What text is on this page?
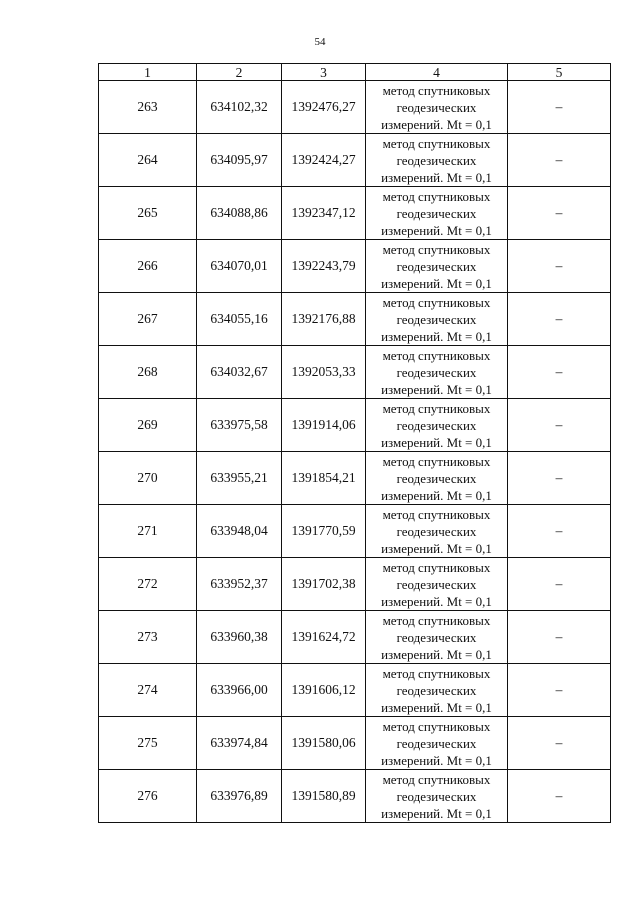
54
1	2	3	4	5
263	634102,32	1392476,27	метод спутниковых
геодезических
измерений. Mt = 0,1	–
264	634095,97	1392424,27	метод спутниковых
геодезических
измерений. Mt = 0,1	–
265	634088,86	1392347,12	метод спутниковых
геодезических
измерений. Mt = 0,1	–
266	634070,01	1392243,79	метод спутниковых
геодезических
измерений. Mt = 0,1	–
267	634055,16	1392176,88	метод спутниковых
геодезических
измерений. Mt = 0,1	–
268	634032,67	1392053,33	метод спутниковых
геодезических
измерений. Mt = 0,1	–
269	633975,58	1391914,06	метод спутниковых
геодезических
измерений. Mt = 0,1	–
270	633955,21	1391854,21	метод спутниковых
геодезических
измерений. Mt = 0,1	–
271	633948,04	1391770,59	метод спутниковых
геодезических
измерений. Mt = 0,1	–
272	633952,37	1391702,38	метод спутниковых
геодезических
измерений. Mt = 0,1	–
273	633960,38	1391624,72	метод спутниковых
геодезических
измерений. Mt = 0,1	–
274	633966,00	1391606,12	метод спутниковых
геодезических
измерений. Mt = 0,1	–
275	633974,84	1391580,06	метод спутниковых
геодезических
измерений. Mt = 0,1	–
276	633976,89	1391580,89	метод спутниковых
геодезических
измерений. Mt = 0,1	–
